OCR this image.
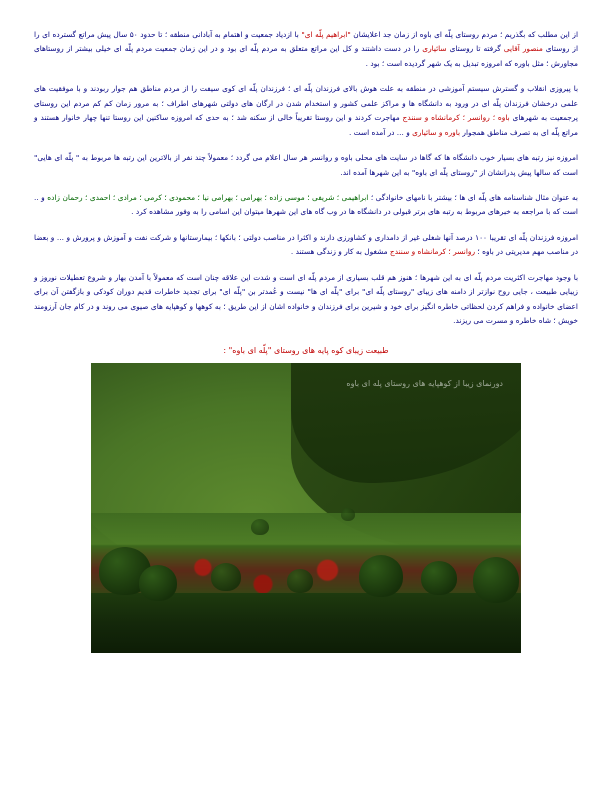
از این مطلب که بگذریم ؛ مردم روستای پلّه ای باوه از زمان جد اعلایشان "ابراهیم پلّه ای" با ازدیاد جمعیت و اهتمام به آبادانی منطقه ؛ تا حدود ۵۰ سال پیش مراتع گسترده ای را از روستای منصور آقایی گرفته تا روستای سائیاری را در دست داشتند و کل این مراتع متعلق به مردم پلّه ای بود و در این زمان جمعیت مردم پلّه ای خیلی بیشتر از روستاهای مجاورش ؛ مثل باوره که امروزه تبدیل به یک شهر گردیده است ؛ بود .

با پیروزی انقلاب و گسترش سیستم آموزشی در منطقه به علت هوش بالای فرزندان پلّه ای ؛ فرزندان پلّه ای کوی سیفت را از مردم مناطق هم جوار ربودند و با موفقیت های علمی درخشان فرزندان پلّه ای در ورود به دانشگاه ها و مراکز علمی کشور و استخدام شدن در ارگان های دولتی شهرهای اطراف ؛ به مرور زمان کم کم مردم این روستای پرجمعیت به شهرهای باوه ؛ روانسر ؛ کرمانشاه و سنندج مهاجرت کردند و این روستا تقریباً خالی از سکنه شد ؛ به حدی که امروزه ساکنین این روستا تنها چهار خانوار هستند و مراتع پلّه ای به تصرف مناطق همجوار باوره و سائیاری و ... در آمده است .

امروزه نیز رتبه های بسیار خوب دانشگاه ها که گاها در سایت های محلی باوه و روانسر هر سال اعلام می گردد ؛ معمولاً چند نفر از بالاترین این رتبه ها مربوط به " پلّه ای هایی" است که سالها پیش پدرانشان از "روستای پلّه ای باوه" به این شهرها آمده اند.

به عنوان مثال شناسنامه های پلّه ای ها ؛ بیشتر با نامهای خانوادگی ؛ ابراهیمی ؛ شریفی ؛ موسی زاده ؛ بهرامی ؛ بهرامی نیا ؛ محمودی ؛ کرمی ؛ مرادی ؛ احمدی ؛ رحمان زاده و .. است که با مراجعه به خبرهای مربوط به رتبه های برتر قبولی در دانشگاه ها در وب گاه های این شهرها میتوان این اسامی را به وفور مشاهده کرد .

امروزه فرزندان پلّه ای تقریبا ۱۰۰ درصد آنها شغلی غیر از دامداری و کشاورزی دارند و اکثرا در مناصب دولتی ؛ بانکها ؛ بیمارستانها و شرکت نفت و آموزش و پرورش و ... و بعضا در مناصب مهم مدیریتی در باوه ؛ روانسر ؛ کرمانشاه و سنندج مشغول به کار و زندگی هستند .

با وجود مهاجرت اکثریت مردم پلّه ای به این شهرها ؛ هنوز هم قلب بسیاری از مردم پلّه ای است و شدت این علاقه چنان است که معمولاً با آمدن بهار و شروع تعطیلات نوروز و زیبایی طبیعت ، جایی روح نوازتر از دامنه های زیبای "روستای پلّه ای" برای "پلّه ای ها" نیست و عُمدتر بن "پلّه ای" برای تجدید خاطرات قدیم دوران کودکی و بازگفتن آن برای اعضای خانواده و فراهم کردن لحظاتی خاطره انگیز برای خود و شیرین برای فرزندان و خانواده اشان از این طریق ؛ به کوهها و کوهپایه های صیوی می روند و در کام جان آرزومند خویش ؛ شاه خاطره و مسرت می ریزند.

طبیعت زیبای کوه پایه های روستای "پلّه ای باوه" :
دورنمای زیبا از کوهپایه های روستای پله ای باوه
